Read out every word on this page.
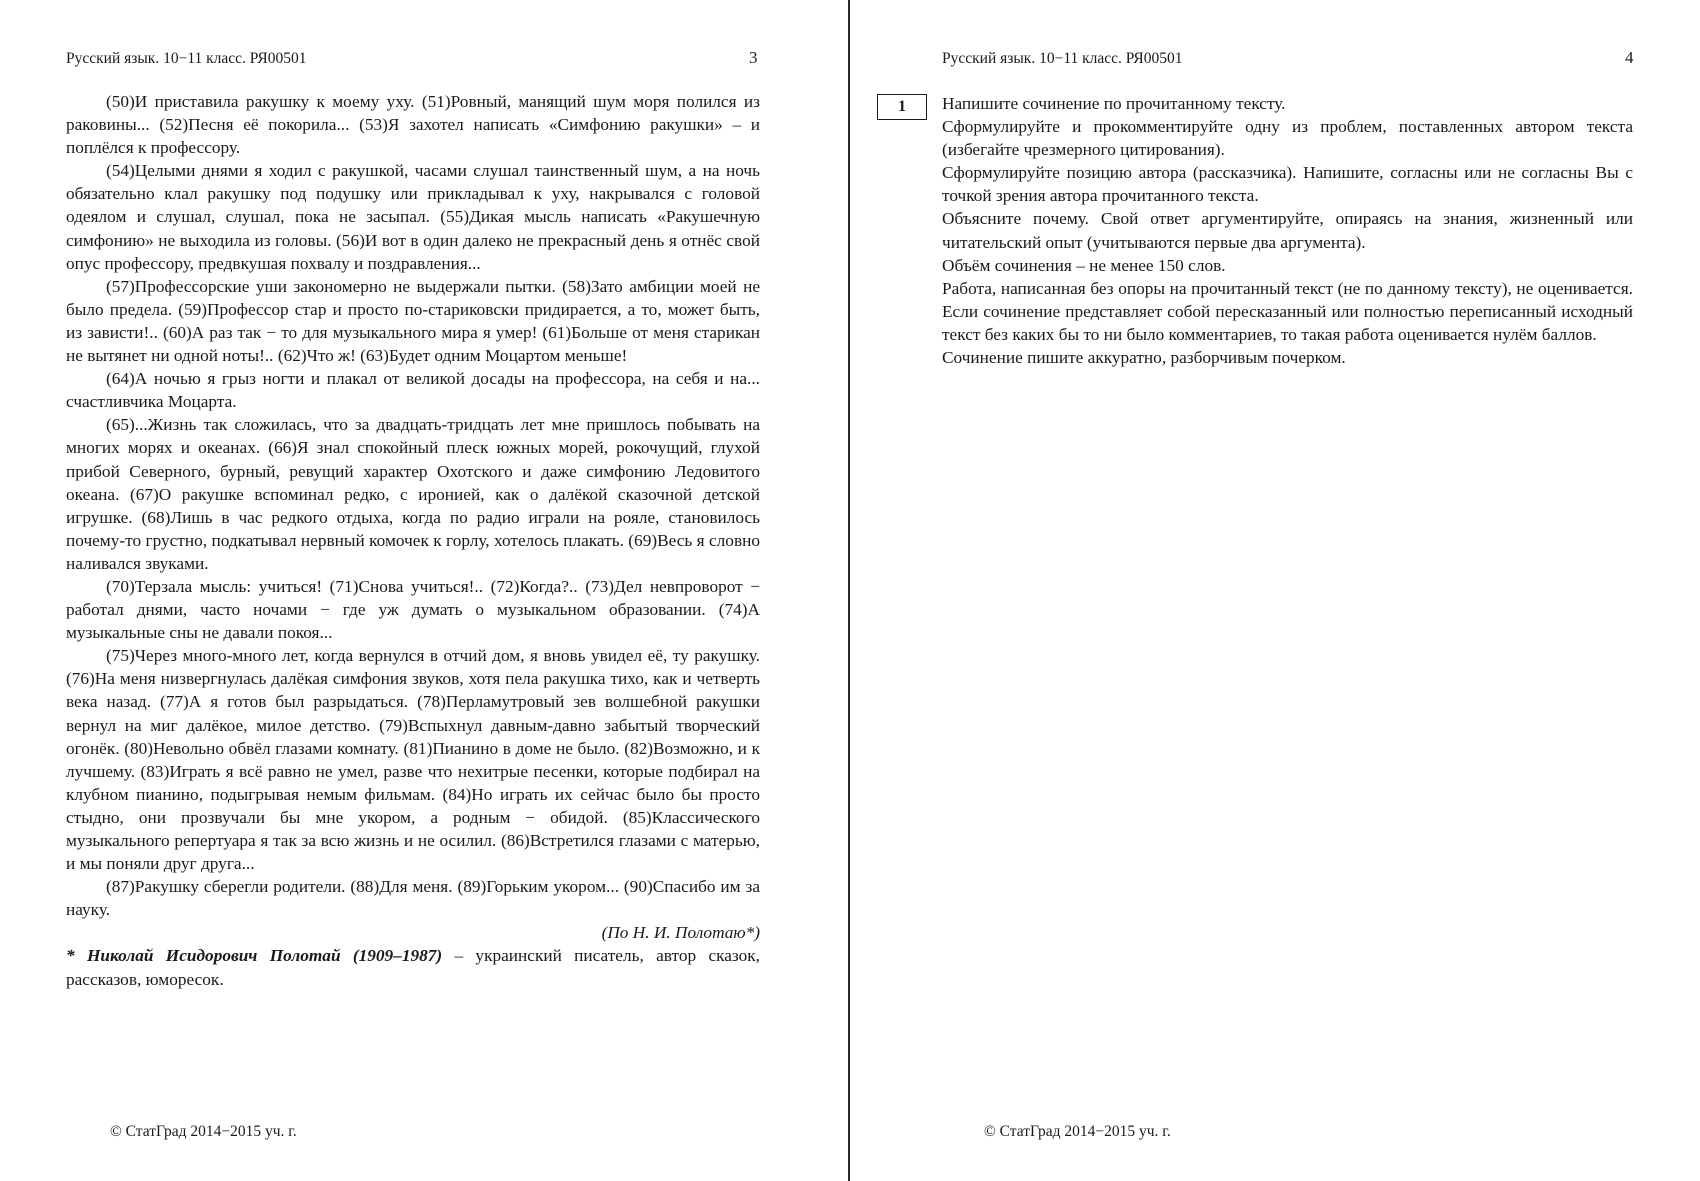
Русский язык. 10−11 класс. РЯ00501	3

(50)И приставила ракушку к моему уху. (51)Ровный, манящий шум моря полился из раковины... (52)Песня её покорила... (53)Я захотел написать «Симфонию ракушки» – и поплёлся к профессору.

(54)Целыми днями я ходил с ракушкой, часами слушал таинственный шум, а на ночь обязательно клал ракушку под подушку или прикладывал к уху, накрывался с головой одеялом и слушал, слушал, пока не засыпал. (55)Дикая мысль написать «Ракушечную симфонию» не выходила из головы. (56)И вот в один далеко не прекрасный день я отнёс свой опус профессору, предвкушая похвалу и поздравления...

(57)Профессорские уши закономерно не выдержали пытки. (58)Зато амбиции моей не было предела. (59)Профессор стар и просто по-стариковски придирается, а то, может быть, из зависти!.. (60)А раз так − то для музыкального мира я умер! (61)Больше от меня старикан не вытянет ни одной ноты!.. (62)Что ж! (63)Будет одним Моцартом меньше!

(64)А ночью я грыз ногти и плакал от великой досады на профессора, на себя и на... счастливчика Моцарта.

(65)...Жизнь так сложилась, что за двадцать-тридцать лет мне пришлось побывать на многих морях и океанах. (66)Я знал спокойный плеск южных морей, рокочущий, глухой прибой Северного, бурный, ревущий характер Охотского и даже симфонию Ледовитого океана. (67)О ракушке вспоминал редко, с иронией, как о далёкой сказочной детской игрушке. (68)Лишь в час редкого отдыха, когда по радио играли на рояле, становилось почему-то грустно, подкатывал нервный комочек к горлу, хотелось плакать. (69)Весь я словно наливался звуками.

(70)Терзала мысль: учиться! (71)Снова учиться!.. (72)Когда?.. (73)Дел невпроворот − работал днями, часто ночами − где уж думать о музыкальном образовании. (74)А музыкальные сны не давали покоя...

(75)Через много-много лет, когда вернулся в отчий дом, я вновь увидел её, ту ракушку. (76)На меня низвергнулась далёкая симфония звуков, хотя пела ракушка тихо, как и четверть века назад. (77)А я готов был разрыдаться. (78)Перламутровый зев волшебной ракушки вернул на миг далёкое, милое детство. (79)Вспыхнул давным-давно забытый творческий огонёк. (80)Невольно обвёл глазами комнату. (81)Пианино в доме не было. (82)Возможно, и к лучшему. (83)Играть я всё равно не умел, разве что нехитрые песенки, которые подбирал на клубном пианино, подыгрывая немым фильмам. (84)Но играть их сейчас было бы просто стыдно, они прозвучали бы мне укором, а родным − обидой. (85)Классического музыкального репертуара я так за всю жизнь и не осилил. (86)Встретился глазами с матерью, и мы поняли друг друга...

(87)Ракушку сберегли родители. (88)Для меня. (89)Горьким укором... (90)Спасибо им за науку.

(По Н. И. Полотаю*)

* Николай Исидорович Полотай (1909–1987) – украинский писатель, автор сказок, рассказов, юморесок.

© СтатГрад 2014−2015 уч. г.
Русский язык. 10−11 класс. РЯ00501	4
1	Напишите сочинение по прочитанному тексту.

Сформулируйте и прокомментируйте одну из проблем, поставленных автором текста (избегайте чрезмерного цитирования).

Сформулируйте позицию автора (рассказчика). Напишите, согласны или не согласны Вы с точкой зрения автора прочитанного текста.

Объясните почему. Свой ответ аргументируйте, опираясь на знания, жизненный или читательский опыт (учитываются первые два аргумента).

Объём сочинения – не менее 150 слов.

Работа, написанная без опоры на прочитанный текст (не по данному тексту), не оценивается. Если сочинение представляет собой пересказанный или полностью переписанный исходный текст без каких бы то ни было комментариев, то такая работа оценивается нулём баллов.

Сочинение пишите аккуратно, разборчивым почерком.

© СтатГрад 2014−2015 уч. г.
